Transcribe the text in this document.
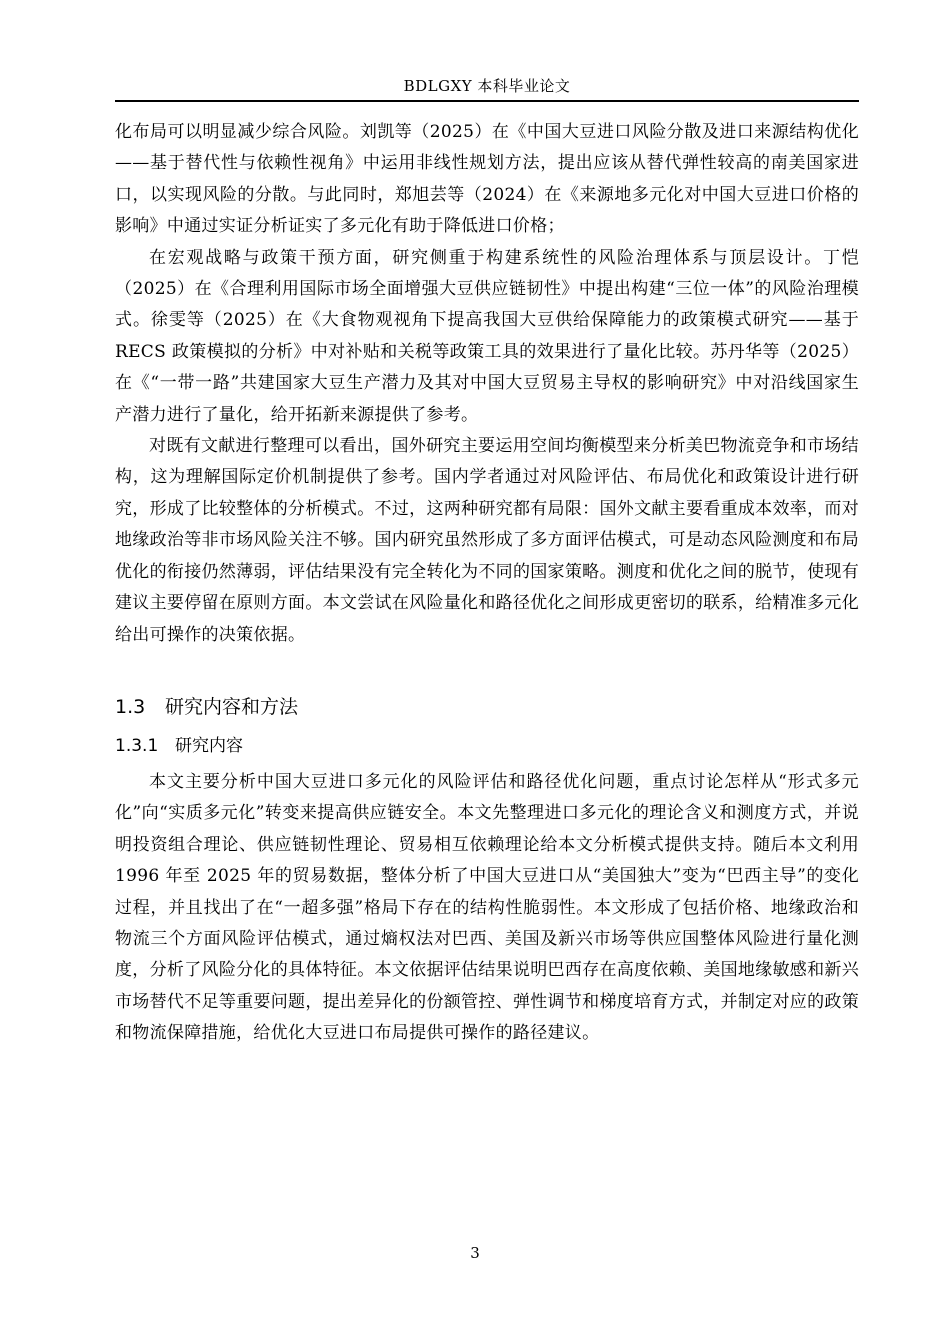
BDLGXY 本科毕业论文

化布局可以明显减少综合风险。刘凯等（2025）在《中国大豆进口风险分散及进口来源结构优化——基于替代性与依赖性视角》中运用非线性规划方法，提出应该从替代弹性较高的南美国家进口，以实现风险的分散。与此同时，郑旭芸等（2024）在《来源地多元化对中国大豆进口价格的影响》中通过实证分析证实了多元化有助于降低进口价格；

在宏观战略与政策干预方面，研究侧重于构建系统性的风险治理体系与顶层设计。丁恺（2025）在《合理利用国际市场全面增强大豆供应链韧性》中提出构建“三位一体”的风险治理模式。徐雯等（2025）在《大食物观视角下提高我国大豆供给保障能力的政策模式研究——基于 RECS 政策模拟的分析》中对补贴和关税等政策工具的效果进行了量化比较。苏丹华等（2025）在《“一带一路”共建国家大豆生产潜力及其对中国大豆贸易主导权的影响研究》中对沿线国家生产潜力进行了量化，给开拓新来源提供了参考。

对既有文献进行整理可以看出，国外研究主要运用空间均衡模型来分析美巴物流竞争和市场结构，这为理解国际定价机制提供了参考。国内学者通过对风险评估、布局优化和政策设计进行研究，形成了比较整体的分析模式。不过，这两种研究都有局限：国外文献主要看重成本效率，而对地缘政治等非市场风险关注不够。国内研究虽然形成了多方面评估模式，可是动态风险测度和布局优化的衔接仍然薄弱，评估结果没有完全转化为不同的国家策略。测度和优化之间的脱节，使现有建议主要停留在原则方面。本文尝试在风险量化和路径优化之间形成更密切的联系，给精准多元化给出可操作的决策依据。

1.3 研究内容和方法
1.3.1 研究内容

本文主要分析中国大豆进口多元化的风险评估和路径优化问题，重点讨论怎样从“形式多元化”向“实质多元化”转变来提高供应链安全。本文先整理进口多元化的理论含义和测度方式，并说明投资组合理论、供应链韧性理论、贸易相互依赖理论给本文分析模式提供支持。随后本文利用 1996 年至 2025 年的贸易数据，整体分析了中国大豆进口从“美国独大”变为“巴西主导”的变化过程，并且找出了在“一超多强”格局下存在的结构性脆弱性。本文形成了包括价格、地缘政治和物流三个方面风险评估模式，通过熵权法对巴西、美国及新兴市场等供应国整体风险进行量化测度，分析了风险分化的具体特征。本文依据评估结果说明巴西存在高度依赖、美国地缘敏感和新兴市场替代不足等重要问题，提出差异化的份额管控、弹性调节和梯度培育方式，并制定对应的政策和物流保障措施，给优化大豆进口布局提供可操作的路径建议。

3
